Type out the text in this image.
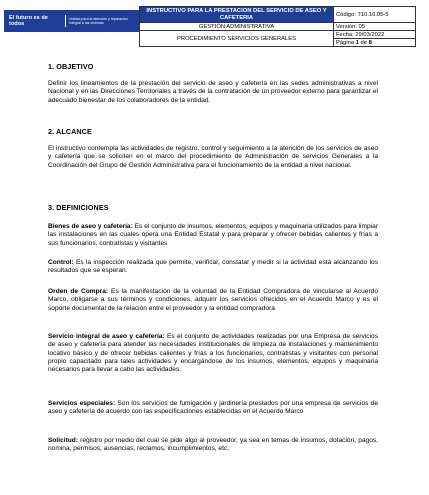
El futuro es de todos
Unidad para la atención y reparación integral a las víctimas
INSTRUCTIVO PARA LA PRESTACION DEL SERVICIO DE ASEO Y CAFETERIA	Código: 710.16.05-5
GESTIÓN ADMINISTRATIVA	Versión: 05
PROCEDIMIENTO SERVICIOS GENERALES	Fecha: 29/03/2022
	Página 1 de 8
1. OBJETIVO
Definir los lineamientos de la prestación del servicio de aseo y cafetería en las sedes administrativas a nivel Nacional y en las Direcciones Territoriales a través de la contratación de un proveedor externo para garantizar el adecuado bienestar de los colaboradores de la entidad.
2. ALCANCE
El instructivo contempla las actividades de registro, control y seguimiento a la atención de los servicios de aseo y cafetería que se soliciten en el marco del procedimiento de Administración de servicios Generales a la Coordinación del Grupo de Gestión Administrativa para el funcionamiento de la entidad a nivel nacional.
3. DEFINICIONES
Bienes de aseo y cafetería: Es el conjunto de insumos, elementos, equipos y maquinaria utilizados para limpiar las instalaciones en las cuales opera una Entidad Estatal y para preparar y ofrecer bebidas calientes y frías a sus funcionarios, contratistas y visitantes
Control: Es la inspección realizada que permite, verificar, constatar y medir si la actividad está alcanzando los resultados que se esperan.
Orden de Compra: Es la manifestación de la voluntad de la Entidad Compradora de vincularse al Acuerdo Marco, obligarse a sus términos y condiciones, adquirir los servicios ofrecidos en el Acuerdo Marco y es el soporte documental de la relación entre el proveedor y la entidad compradora
Servicio integral de aseo y cafetería: Es el conjunto de actividades realizadas por una Empresa de servicios de aseo y cafetería para atender las necesidades institucionales de limpieza de instalaciones y mantenimiento locativo básico y de ofrecer bebidas calientes y frías a los funcionarios, contratistas y visitantes con personal propio capacitado para tales actividades y encargándose de los insumos, elementos, equipos y maquinaria necesarios para llevar a cabo las actividades.
Servicios especiales: Son los servicios de fumigación y jardinería prestados por una empresa de servicios de aseo y cafetería de acuerdo con las especificaciones establecidas en el Acuerdo Marco
Solicitud: registro por medio del cual se pide algo al proveedor, ya sea en temas de insumos, dotación, pagos, nomina, permisos, ausencias, reclamos, incumplimientos, etc.
